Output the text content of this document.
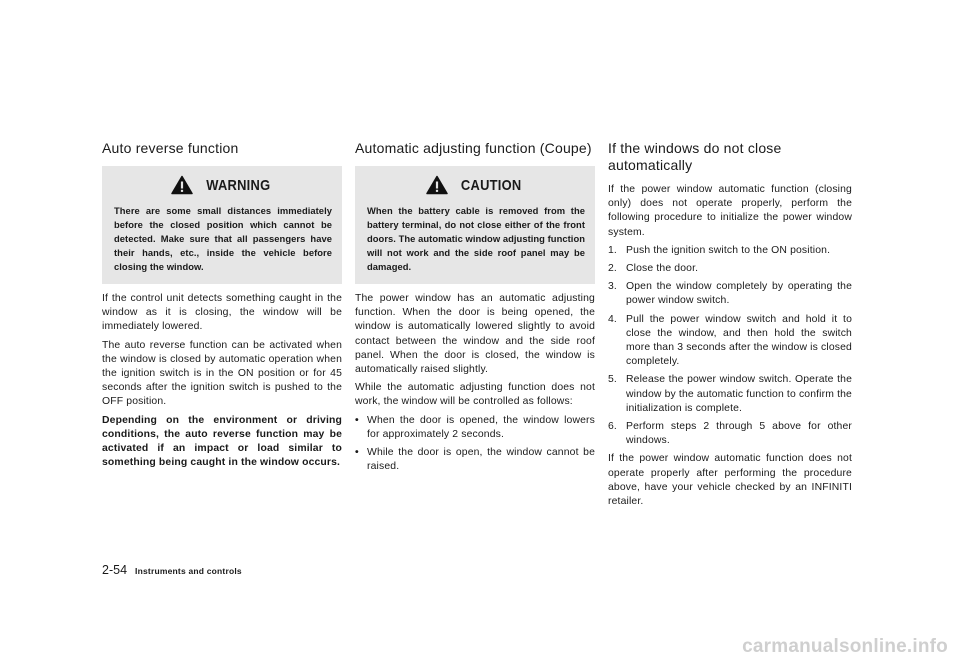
Auto reverse function
WARNING

There are some small distances immediately before the closed position which cannot be detected. Make sure that all passengers have their hands, etc., inside the vehicle before closing the window.

If the control unit detects something caught in the window as it is closing, the window will be immediately lowered.

The auto reverse function can be activated when the window is closed by automatic operation when the ignition switch is in the ON position or for 45 seconds after the ignition switch is pushed to the OFF position.

Depending on the environment or driving conditions, the auto reverse function may be activated if an impact or load similar to something being caught in the window occurs.

Automatic adjusting function (Coupe)
CAUTION

When the battery cable is removed from the battery terminal, do not close either of the front doors. The automatic window adjusting function will not work and the side roof panel may be damaged.

The power window has an automatic adjusting function. When the door is being opened, the window is automatically lowered slightly to avoid contact between the window and the side roof panel. When the door is closed, the window is automatically raised slightly.

While the automatic adjusting function does not work, the window will be controlled as follows:

• When the door is opened, the window lowers for approximately 2 seconds.

• While the door is open, the window cannot be raised.

If the windows do not close automatically

If the power window automatic function (closing only) does not operate properly, perform the following procedure to initialize the power window system.

1. Push the ignition switch to the ON position.

2. Close the door.

3. Open the window completely by operating the power window switch.

4. Pull the power window switch and hold it to close the window, and then hold the switch more than 3 seconds after the window is closed completely.

5. Release the power window switch. Operate the window by the automatic function to confirm the initialization is complete.

6. Perform steps 2 through 5 above for other windows.

If the power window automatic function does not operate properly after performing the procedure above, have your vehicle checked by an INFINITI retailer.

2-54 Instruments and controls
carmanualsonline.info
